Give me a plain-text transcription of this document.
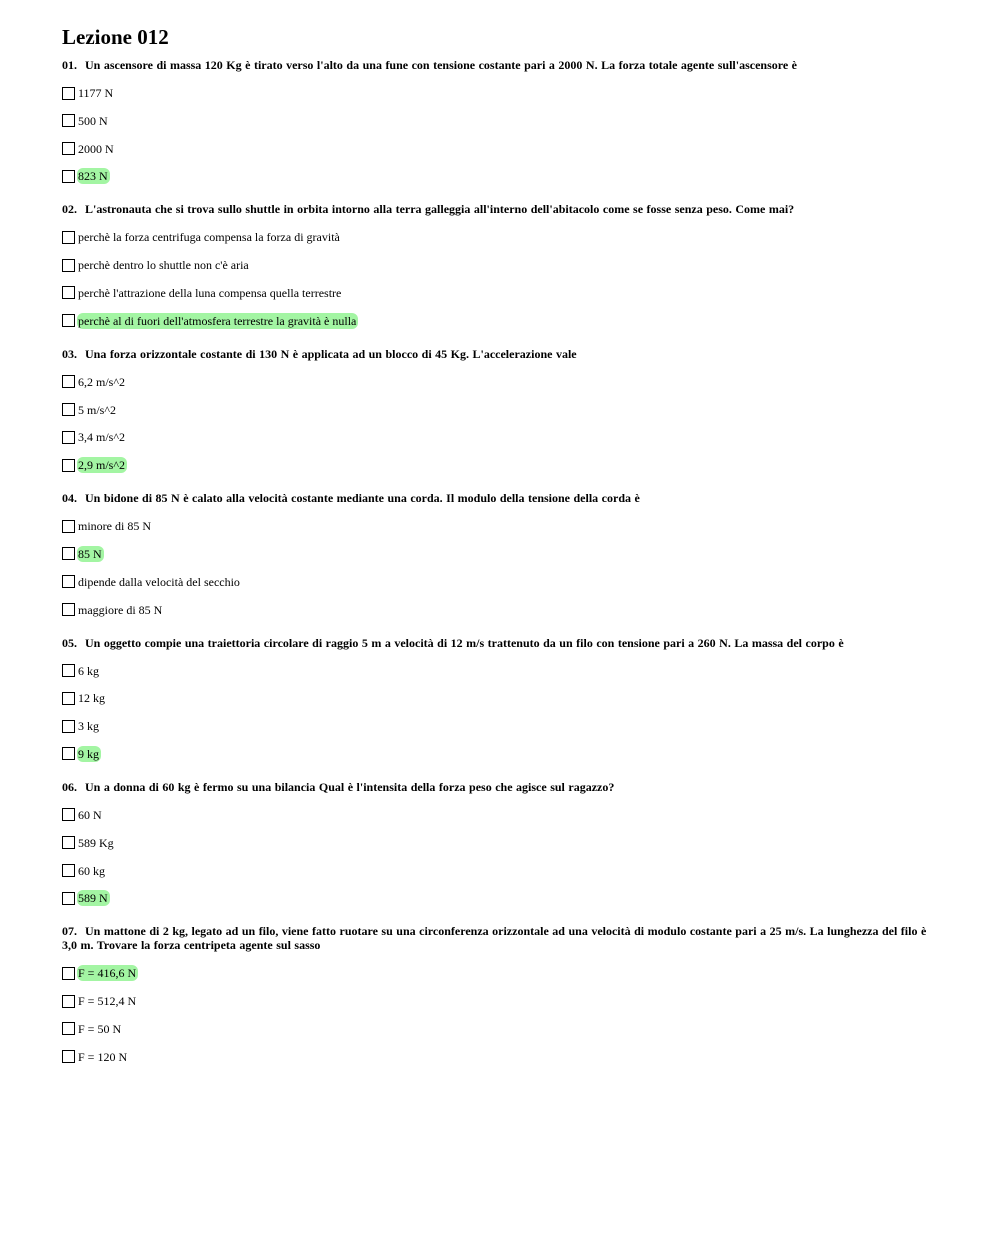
Lezione 012
01. Un ascensore di massa 120 Kg è tirato verso l'alto da una fune con tensione costante pari a 2000 N. La forza totale agente sull'ascensore è
1177 N
500 N
2000 N
823 N
02. L'astronauta che si trova sullo shuttle in orbita intorno alla terra galleggia all'interno dell'abitacolo come se fosse senza peso. Come mai?
perchè la forza centrifuga compensa la forza di gravità
perchè dentro lo shuttle non c'è aria
perchè l'attrazione della luna compensa quella terrestre
perchè al di fuori dell'atmosfera terrestre la gravità è nulla
03. Una forza orizzontale costante di 130 N è applicata ad un blocco di 45 Kg. L'accelerazione vale
6,2 m/s^2
5 m/s^2
3,4 m/s^2
2,9 m/s^2
04. Un bidone di 85 N è calato alla velocità costante mediante una corda. Il modulo della tensione della corda è
minore di 85 N
85 N
dipende dalla velocità del secchio
maggiore di 85 N
05. Un oggetto compie una traiettoria circolare di raggio 5 m a velocità di 12 m/s trattenuto da un filo con tensione pari a 260 N. La massa del corpo è
6 kg
12 kg
3 kg
9 kg
06. Un a donna di 60 kg è fermo su una bilancia Qual è l'intensita della forza peso che agisce sul ragazzo?
60 N
589 Kg
60 kg
589 N
07. Un mattone di 2 kg, legato ad un filo, viene fatto ruotare su una circonferenza orizzontale ad una velocità di modulo costante pari a 25 m/s. La lunghezza del filo è 3,0 m. Trovare la forza centripeta agente sul sasso
F = 416,6 N
F = 512,4 N
F = 50 N
F = 120 N
